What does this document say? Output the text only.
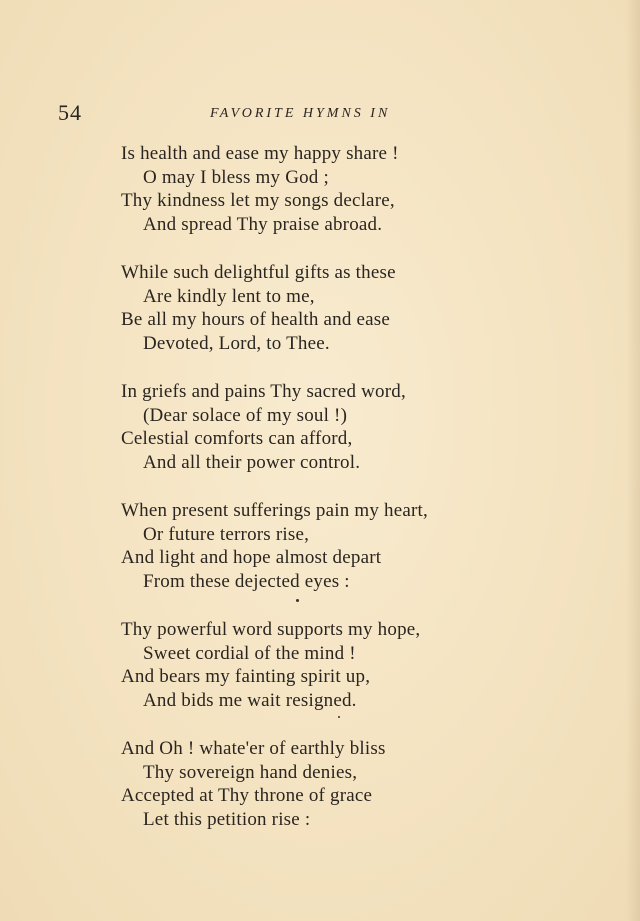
54	FAVORITE HYMNS IN
Is health and ease my happy share !
O may I bless my God ;
Thy kindness let my songs declare,
And spread Thy praise abroad.
While such delightful gifts as these
Are kindly lent to me,
Be all my hours of health and ease
Devoted, Lord, to Thee.
In griefs and pains Thy sacred word,
(Dear solace of my soul !)
Celestial comforts can afford,
And all their power control.
When present sufferings pain my heart,
Or future terrors rise,
And light and hope almost depart
From these dejected eyes :
Thy powerful word supports my hope,
Sweet cordial of the mind !
And bears my fainting spirit up,
And bids me wait resigned.
And Oh ! whate'er of earthly bliss
Thy sovereign hand denies,
Accepted at Thy throne of grace
Let this petition rise :
